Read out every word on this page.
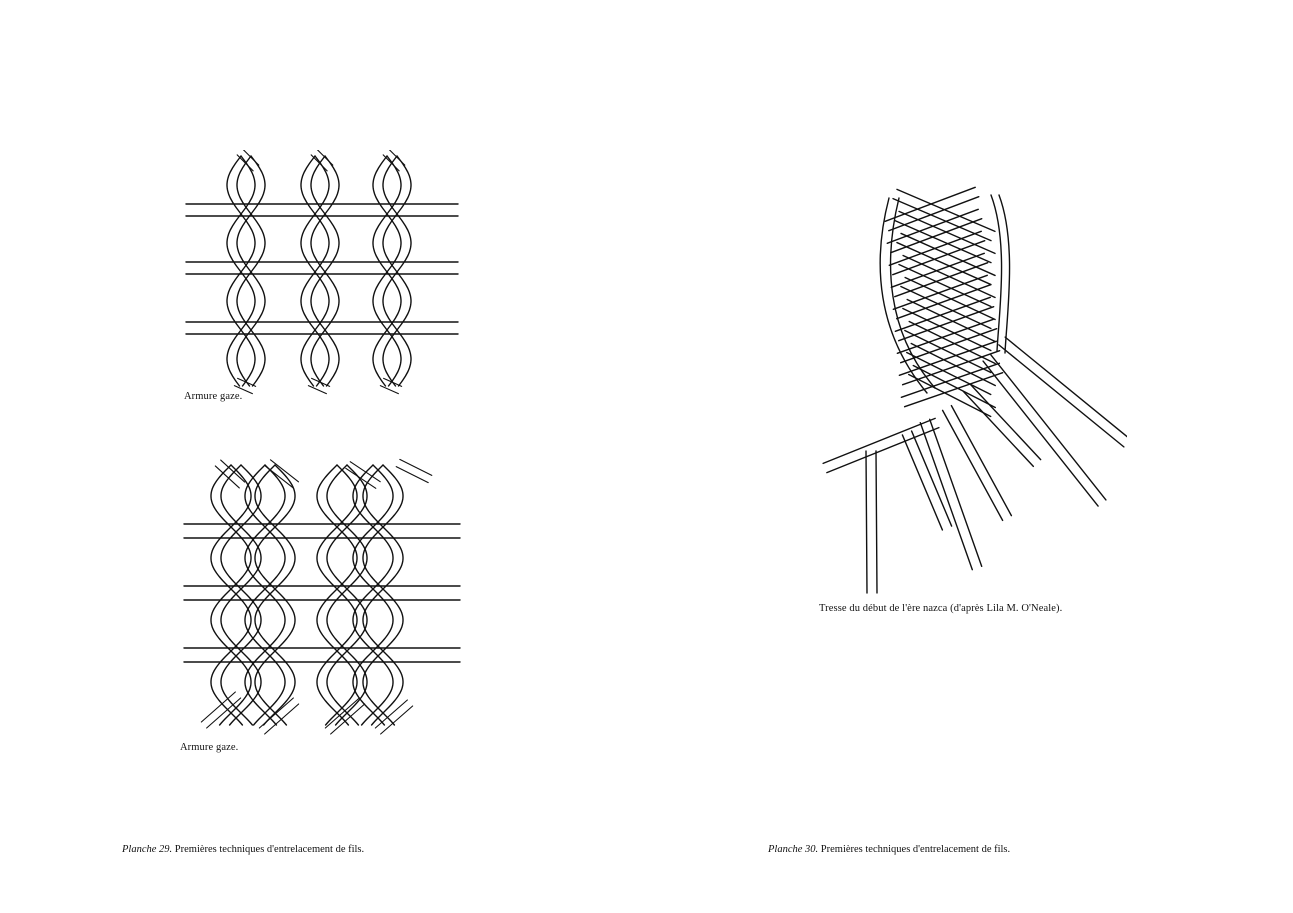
Armure gaze.
Armure gaze.
Planche 29. Premières techniques d'entrelacement de fils.
Tresse du début de l'ère nazca (d'après Lila M. O'Neale).
Planche 30. Premières techniques d'entrelacement de fils.
